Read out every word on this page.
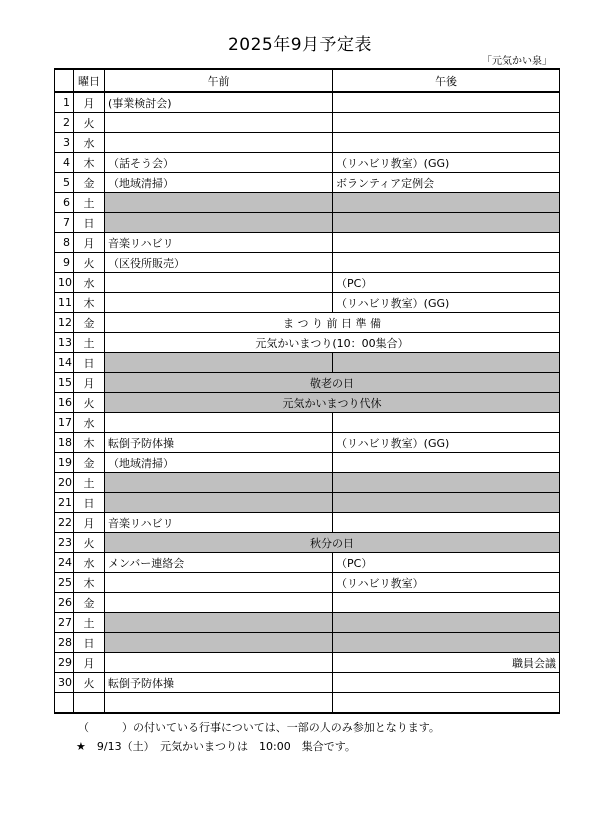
2025年9月予定表
「元気かい泉」
	曜日	午前	午後
1	月	(事業検討会)	
2	火		
3	水		
4	木	（話そう会）	（リハビリ教室）(GG)
5	金	（地域清掃）	ボランティア定例会
6	土		
7	日		
8	月	音楽リハビリ	
9	火	（区役所販売）	
10	水		（PC）
11	木		（リハビリ教室）(GG)
12	金	ま つ り 前 日 準 備	
13	土	元気かいまつり(10：00集合）	
14	日		
15	月	敬老の日	
16	火	元気かいまつり代休	
17	水		
18	木	転倒予防体操	（リハビリ教室）(GG)
19	金	（地域清掃）	
20	土		
21	日		
22	月	音楽リハビリ	
23	火	秋分の日	
24	水	メンバー連絡会	（PC）
25	木		（リハビリ教室）
26	金		
27	土		
28	日		
29	月		職員会議
30	火	転倒予防体操	

（　　　）の付いている行事については、一部の人のみ参加となります。
★　9/13（土）　元気かいまつりは　10:00　集合です。
